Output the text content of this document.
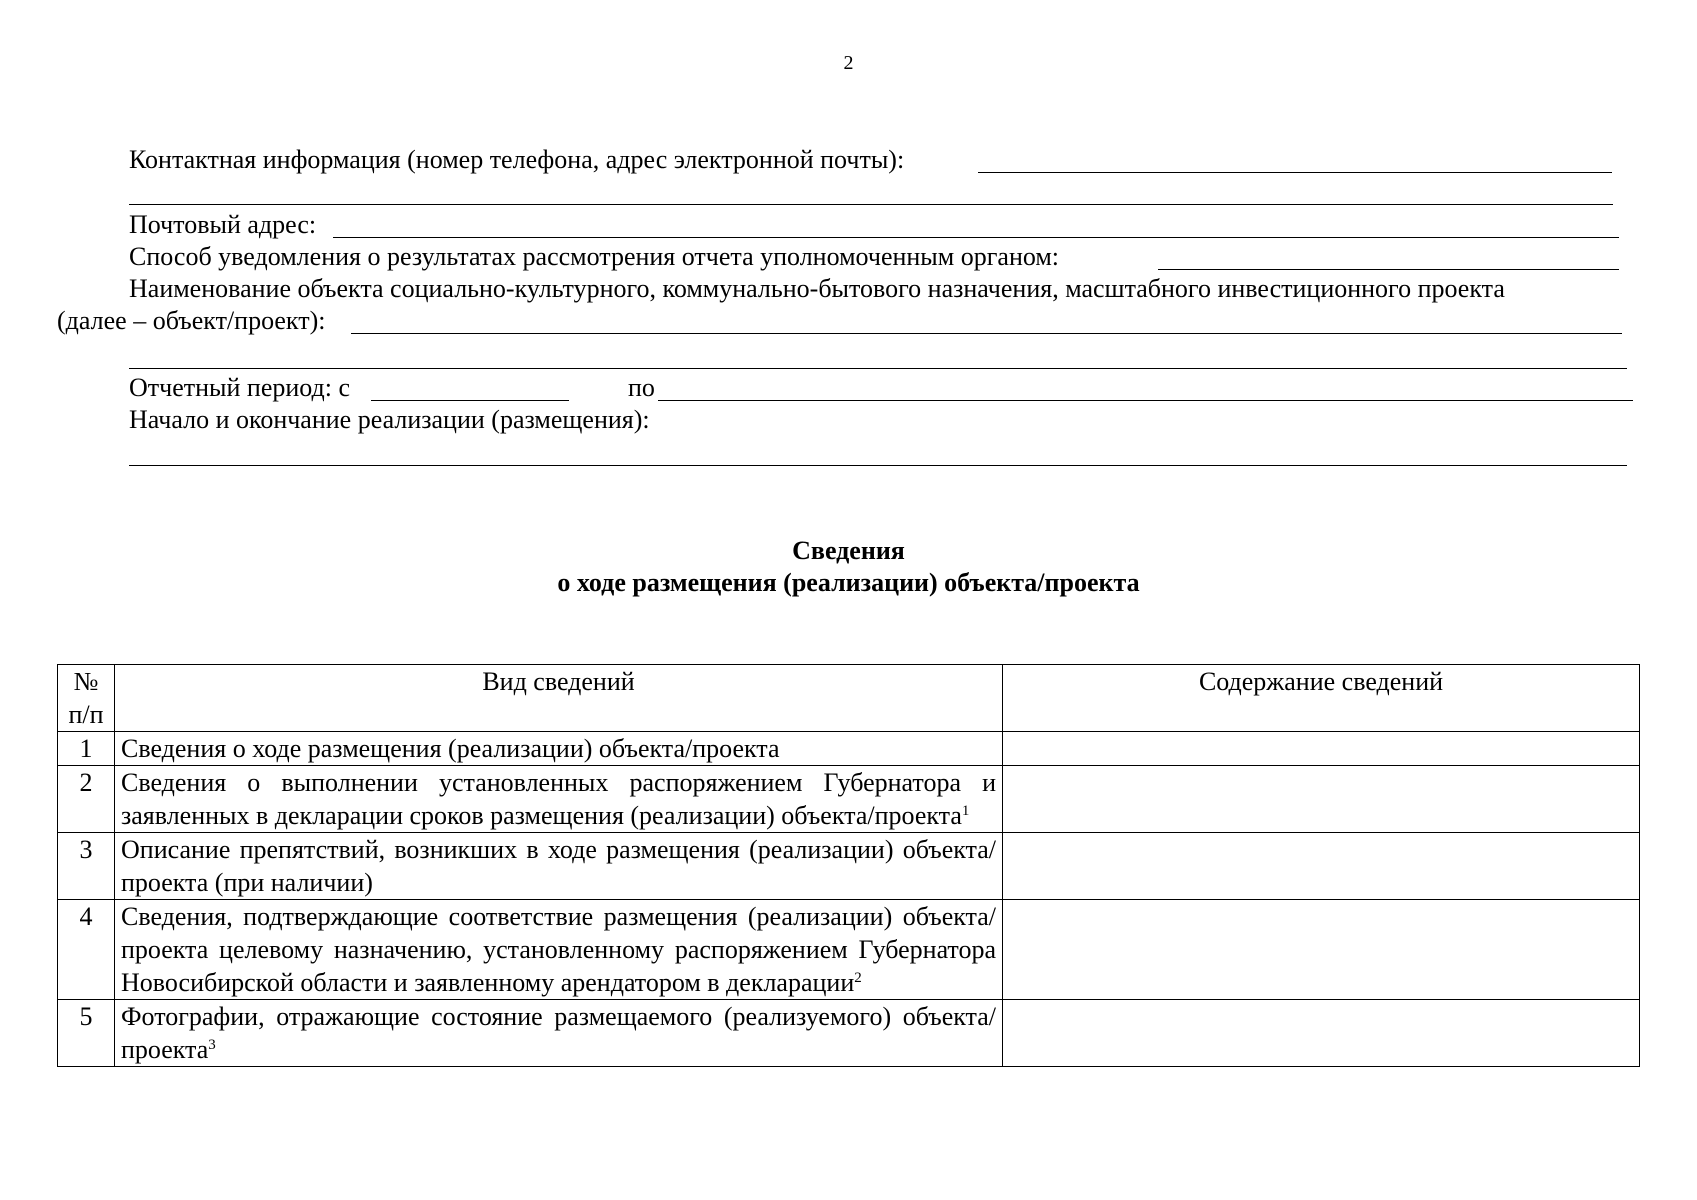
2
Контактная информация (номер телефона, адрес электронной почты):
Почтовый адрес:
Способ уведомления о результатах рассмотрения отчета уполномоченным органом:
Наименование объекта социально-культурного, коммунально-бытового назначения, масштабного инвестиционного проекта
(далее – объект/проект):
Отчетный период: с	по
Начало и окончание реализации (размещения):
Сведения
о ходе размещения (реализации) объекта/проекта
№ п/п	Вид сведений	Содержание сведений
1	Сведения о ходе размещения (реализации) объекта/проекта	
2	Сведения о выполнении установленных распоряжением Губернатора и заявленных в декларации сроков размещения (реализации) объекта/проекта$^1$	
3	Описание препятствий, возникших в ходе размещения (реализации) объекта/проекта (при наличии)	
4	Сведения, подтверждающие соответствие размещения (реализации) объекта/проекта целевому назначению, установленному распоряжением Губернатора Новосибирской области и заявленному арендатором в декларации$^2$	
5	Фотографии, отражающие состояние размещаемого (реализуемого) объекта/проекта$^3$	
